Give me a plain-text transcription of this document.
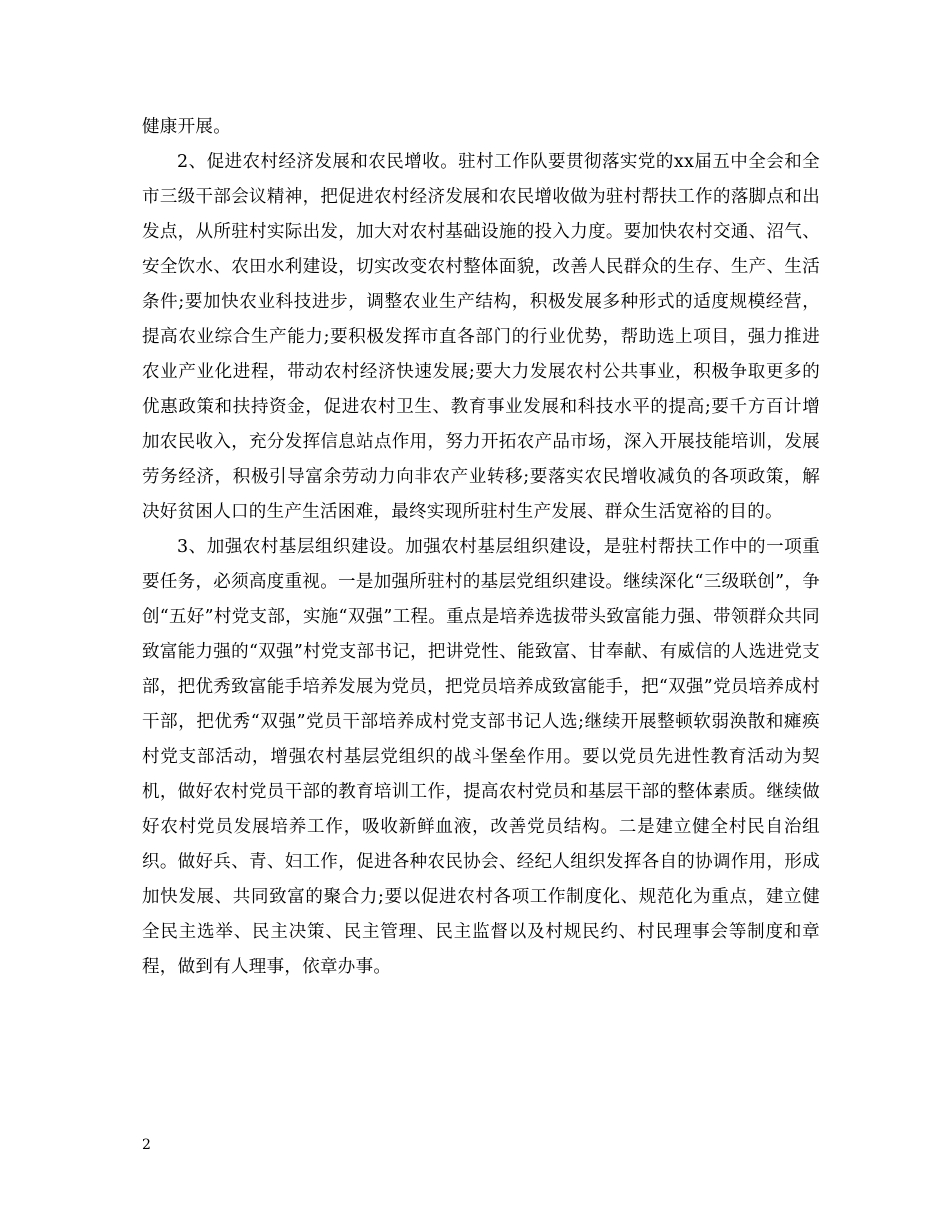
健康开展。

2、促进农村经济发展和农民增收。驻村工作队要贯彻落实党的xx届五中全会和全市三级干部会议精神，把促进农村经济发展和农民增收做为驻村帮扶工作的落脚点和出发点，从所驻村实际出发，加大对农村基础设施的投入力度。要加快农村交通、沼气、安全饮水、农田水利建设，切实改变农村整体面貌，改善人民群众的生存、生产、生活条件;要加快农业科技进步，调整农业生产结构，积极发展多种形式的适度规模经营，提高农业综合生产能力;要积极发挥市直各部门的行业优势，帮助选上项目，强力推进农业产业化进程，带动农村经济快速发展;要大力发展农村公共事业，积极争取更多的优惠政策和扶持资金，促进农村卫生、教育事业发展和科技水平的提高;要千方百计增加农民收入，充分发挥信息站点作用，努力开拓农产品市场，深入开展技能培训，发展劳务经济，积极引导富余劳动力向非农产业转移;要落实农民增收减负的各项政策，解决好贫困人口的生产生活困难，最终实现所驻村生产发展、群众生活宽裕的目的。

3、加强农村基层组织建设。加强农村基层组织建设，是驻村帮扶工作中的一项重要任务，必须高度重视。一是加强所驻村的基层党组织建设。继续深化“三级联创”，争创“五好”村党支部，实施“双强”工程。重点是培养选拔带头致富能力强、带领群众共同致富能力强的“双强”村党支部书记，把讲党性、能致富、甘奉献、有威信的人选进党支部，把优秀致富能手培养发展为党员，把党员培养成致富能手，把“双强”党员培养成村干部，把优秀“双强”党员干部培养成村党支部书记人选;继续开展整顿软弱涣散和瘫痪村党支部活动，增强农村基层党组织的战斗堡垒作用。要以党员先进性教育活动为契机，做好农村党员干部的教育培训工作，提高农村党员和基层干部的整体素质。继续做好农村党员发展培养工作，吸收新鲜血液，改善党员结构。二是建立健全村民自治组织。做好兵、青、妇工作，促进各种农民协会、经纪人组织发挥各自的协调作用，形成加快发展、共同致富的聚合力;要以促进农村各项工作制度化、规范化为重点，建立健全民主选举、民主决策、民主管理、民主监督以及村规民约、村民理事会等制度和章程，做到有人理事，依章办事。

2
